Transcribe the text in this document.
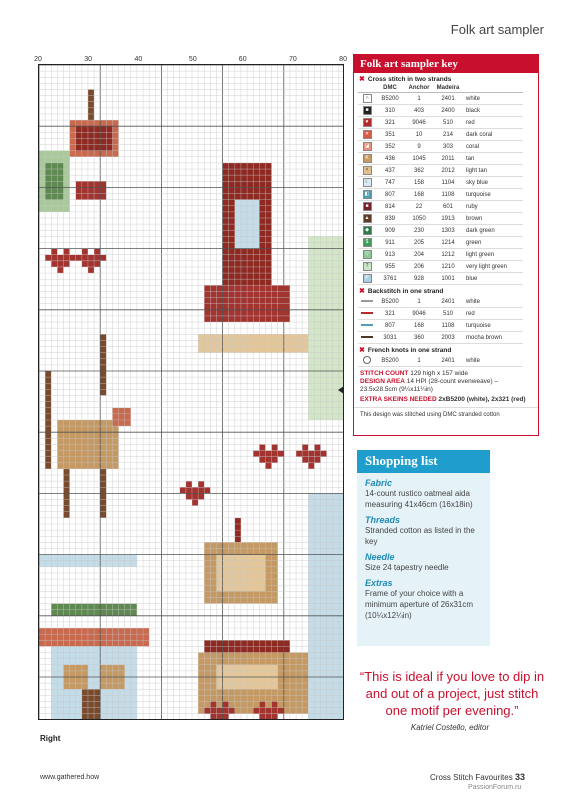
Folk art sampler
20	30	40	50	60	70	80
Right
Folk art sampler key
✖ Cross stitch in two strands
	DMC	Anchor	Madeira	
∩	B5200	1	2401	white
■	310	403	2400	black
♥	321	9046	510	red
✕	351	10	214	dark coral
◪	352	9	303	coral
K	436	1045	2011	tan
×	437	362	2012	light tan
☾	747	158	1104	sky blue
◧	807	168	1108	turquoise
■	814	22	601	ruby
▲	839	1050	1913	brown
◆	909	230	1303	dark green
$	911	205	1214	green
▽	913	204	1212	light green
?	955	206	1210	very light green
P	3761	928	1001	blue
✖ Backstitch in one strand
	B5200	1	2401	white
	321	9046	510	red
	807	168	1108	turquoise
	3031	360	2003	mocha brown
✖ French knots in one strand
	B5200	1	2401	white
STITCH COUNT 129 high x 157 wide
DESIGN AREA 14 HPI (28-count evenweave) – 23.5x28.5cm (9¼x11¼in)
EXTRA SKEINS NEEDED 2xB5200 (white), 2x321 (red)
This design was stitched using DMC stranded cotton
Shopping list
Fabric
14-count rustico oatmeal aida measuring 41x46cm (16x18in)
Threads
Stranded cotton as listed in the key
Needle
Size 24 tapestry needle
Extras
Frame of your choice with a minimum aperture of 26x31cm (10¼x12¼in)
“This is ideal if you love to dip in and out of a project, just stitch one motif per evening.”
Katriel Costello, editor
www.gathered.how	Cross Stitch Favourites 33
PassionForum.ru
